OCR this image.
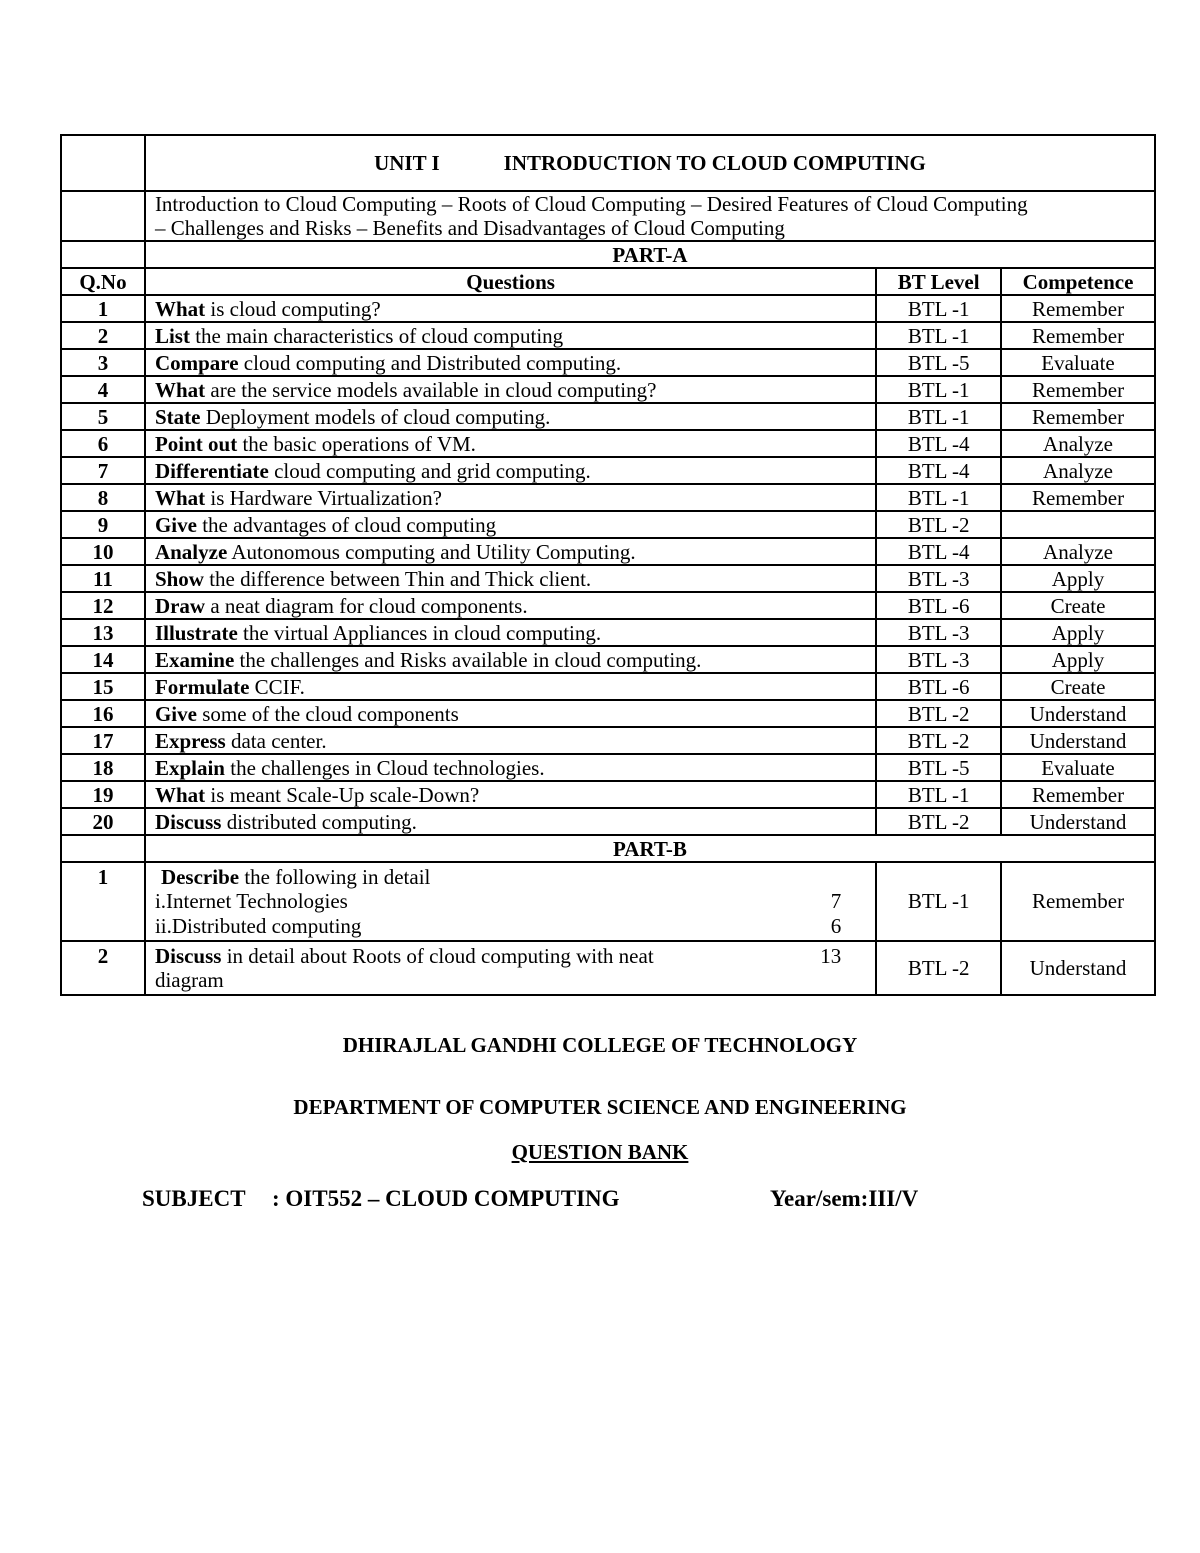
	UNIT I INTRODUCTION TO CLOUD COMPUTING		

	Introduction to Cloud Computing – Roots of Cloud Computing – Desired Features of Cloud Computing
– Challenges and Risks – Benefits and Disadvantages of Cloud Computing		

	PART-A		
Q.No	Questions	BT Level	Competence
1	What is cloud computing?	BTL -1	Remember
2	List the main characteristics of cloud computing	BTL -1	Remember
3	Compare cloud computing and Distributed computing.	BTL -5	Evaluate
4	What are the service models available in cloud computing?	BTL -1	Remember
5	State Deployment models of cloud computing.	BTL -1	Remember
6	Point out the basic operations of VM.	BTL -4	Analyze
7	Differentiate cloud computing and grid computing.	BTL -4	Analyze
8	What is Hardware Virtualization?	BTL -1	Remember
9	Give the advantages of cloud computing	BTL -2	
10	Analyze Autonomous computing and Utility Computing.	BTL -4	Analyze
11	Show the difference between Thin and Thick client.	BTL -3	Apply
12	Draw a neat diagram for cloud components.	BTL -6	Create
13	Illustrate the virtual Appliances in cloud computing.	BTL -3	Apply
14	Examine the challenges and Risks available in cloud computing.	BTL -3	Apply
15	Formulate CCIF.	BTL -6	Create
16	Give some of the cloud components	BTL -2	Understand
17	Express data center.	BTL -2	Understand
18	Explain the challenges in Cloud technologies.	BTL -5	Evaluate
19	What is meant Scale-Up scale-Down?	BTL -1	Remember
20	Discuss distributed computing.	BTL -2	Understand
	PART-B		
1	Describe the following in detail
i.Internet Technologies 7
ii.Distributed computing 6	BTL -1	Remember
2	Discuss in detail about Roots of cloud computing with neat 13
diagram	BTL -2	Understand
DHIRAJLAL GANDHI COLLEGE OF TECHNOLOGY
DEPARTMENT OF COMPUTER SCIENCE AND ENGINEERING
QUESTION BANK
SUBJECT : OIT552 – CLOUD COMPUTING	Year/sem:III/V
